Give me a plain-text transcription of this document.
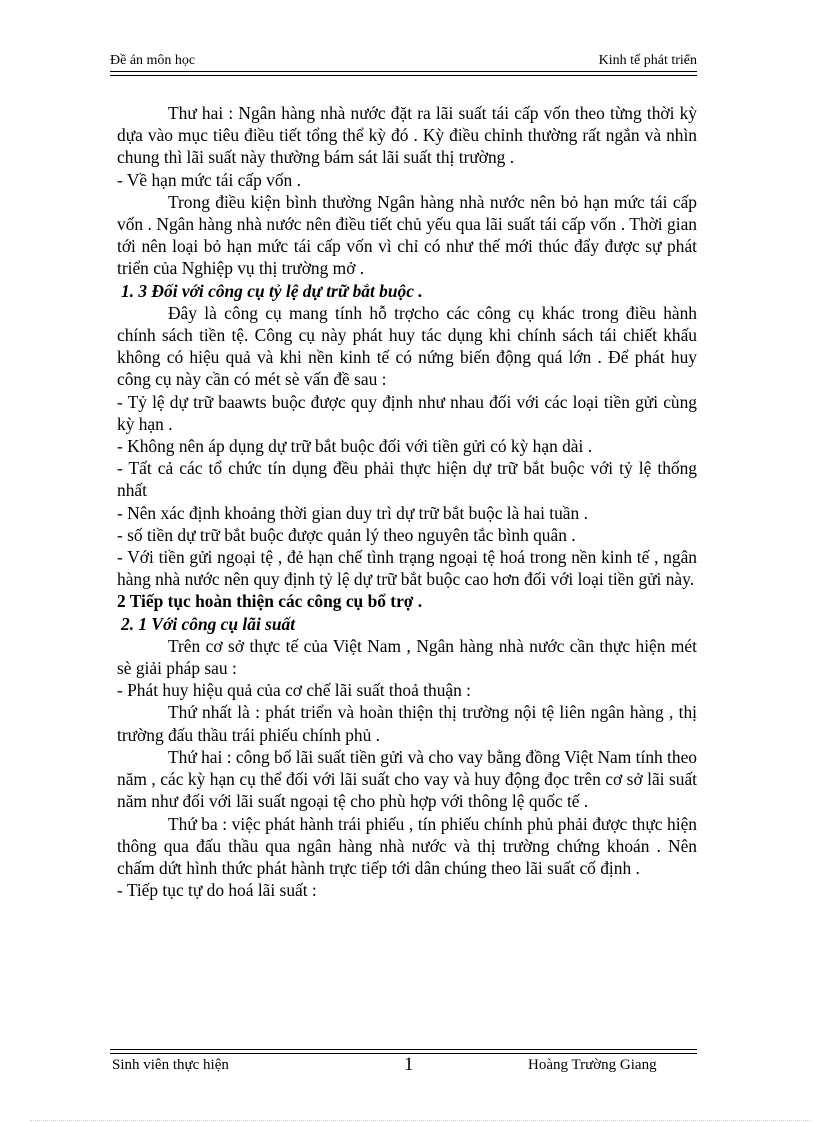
Đề án môn học	Kinh tế phát triển

Thư hai : Ngân hàng nhà nước đặt ra lãi suất tái cấp vốn theo từng thời kỳ dựa vào mục tiêu điều tiết tổng thể kỳ đó . Kỳ điều chỉnh thường rất ngắn và nhìn chung thì lãi suất này thường bám sát lãi suất thị trường .

- Về hạn mức tái cấp vốn .

Trong điều kiện bình thường Ngân hàng nhà nước nên bỏ hạn mức tái cấp vốn . Ngân hàng nhà nước nên điều tiết chủ yếu qua lãi suất tái cấp vốn . Thời gian tới nên loại bỏ hạn mức tái cấp vốn vì chỉ có như thế mới thúc đẩy được sự phát triển của Nghiệp vụ thị trường mở .

1. 3 Đối với công cụ tỷ lệ dự trữ bắt buộc .

Đây là công cụ mang tính hỗ trợcho các công cụ khác trong điều hành chính sách tiền tệ. Công cụ này phát huy tác dụng khi chính sách tái chiết khấu không có hiệu quả và khi nền kinh tế có nứng biến động quá lớn . Để phát huy công cụ này cần có mét sè vấn đề sau :

- Tỷ lệ dự trữ baawts buộc được quy định như nhau đối với các loại tiền gửi cùng kỳ hạn .

- Không nên áp dụng dự trữ bắt buộc đối với tiền gửi có kỳ hạn dài .

- Tất cả các tổ chức tín dụng đều phải thực hiện dự trữ bắt buộc với tỷ lệ thống nhất

- Nên xác định khoảng thời gian duy trì dự trữ bắt buộc là hai tuần .

- số tiền dự trữ bắt buộc được quản lý theo nguyên tắc bình quân .

- Với tiền gửi ngoại tệ , đẻ hạn chế tình trạng ngoại tệ hoá trong nền kinh tế , ngân hàng nhà nước nên quy định tỷ lệ dự trữ bắt buộc cao hơn đối với loại tiền gửi này.

2 Tiếp tục hoàn thiện các công cụ bổ trợ .

2. 1 Với công cụ lãi suất

Trên cơ sở thực tế của Việt Nam , Ngân hàng nhà nước cần thực hiện mét sè giải pháp sau :

- Phát huy hiệu quả của cơ chế lãi suất thoả thuận :

Thứ nhất là : phát triển và hoàn thiện thị trường nội tệ liên ngân hàng , thị trường đấu thầu trái phiếu chính phủ .

Thứ hai : công bố lãi suất tiền gửi và cho vay bằng đồng Việt Nam tính theo năm , các kỳ hạn cụ thể đối với lãi suất cho vay và huy động đọc trên cơ sở lãi suất năm như đối với lãi suất ngoại tệ cho phù hợp với thông lệ quốc tế .

Thứ ba : việc phát hành trái phiếu , tín phiếu chính phủ phải được thực hiện thông qua đấu thầu qua ngân hàng nhà nước và thị trường chứng khoán . Nên chấm dứt hình thức phát hành trực tiếp tới dân chúng theo lãi suất cố định .

- Tiếp tục tự do hoá lãi suất :

Sinh viên thực hiện	1	Hoàng Trường Giang
